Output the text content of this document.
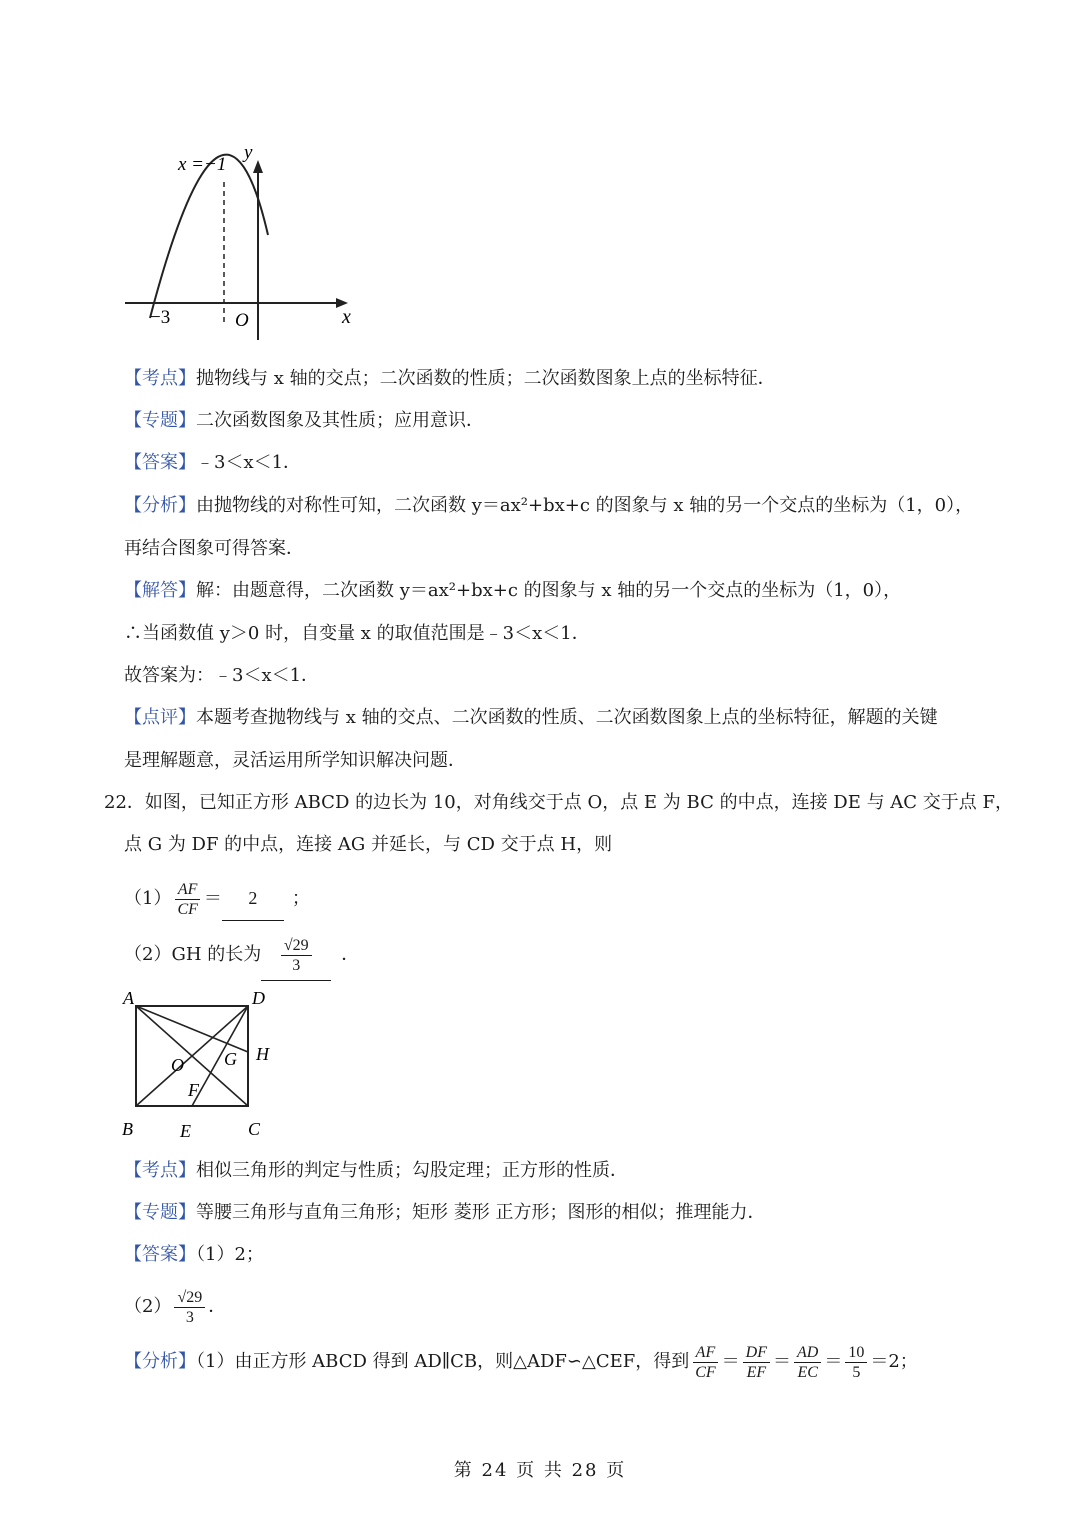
y
x
O
x =−1
−3
【考点】抛物线与 x 轴的交点；二次函数的性质；二次函数图象上点的坐标特征．
【专题】二次函数图象及其性质；应用意识．
【答案】﹣3＜x＜1．
【分析】由抛物线的对称性可知，二次函数 y＝ax²+bx+c 的图象与 x 轴的另一个交点的坐标为（1，0），
再结合图象可得答案．
【解答】解：由题意得，二次函数 y＝ax²+bx+c 的图象与 x 轴的另一个交点的坐标为（1，0），
∴当函数值 y＞0 时，自变量 x 的取值范围是﹣3＜x＜1．
故答案为：﹣3＜x＜1．
【点评】本题考查抛物线与 x 轴的交点、二次函数的性质、二次函数图象上点的坐标特征，解题的关键
是理解题意，灵活运用所学知识解决问题．
22．如图，已知正方形 ABCD 的边长为 10，对角线交于点 O，点 E 为 BC 的中点，连接 DE 与 AC 交于点 F，
点 G 为 DF 的中点，连接 AG 并延长，与 CD 交于点 H，则
$(1) \frac{AF}{CF} = 2$ ；
（2）GH 的长为 $\frac{√29}{3}$ ．
A	D
B	E	C
O G H
F
【考点】相似三角形的判定与性质；勾股定理；正方形的性质．
【专题】等腰三角形与直角三角形；矩形 菱形 正方形；图形的相似；推理能力．
【答案】（1）2；
$(2) \frac{√29}{3}$ ．
【分析】（1）由正方形 ABCD 得到 AD∥CB，则△ADF∽△CEF，得到 $\frac{AF}{CF} = \frac{DF}{EF} = \frac{AD}{EC} = \frac{10}{5} =2$；
第 24 页 共 28 页
